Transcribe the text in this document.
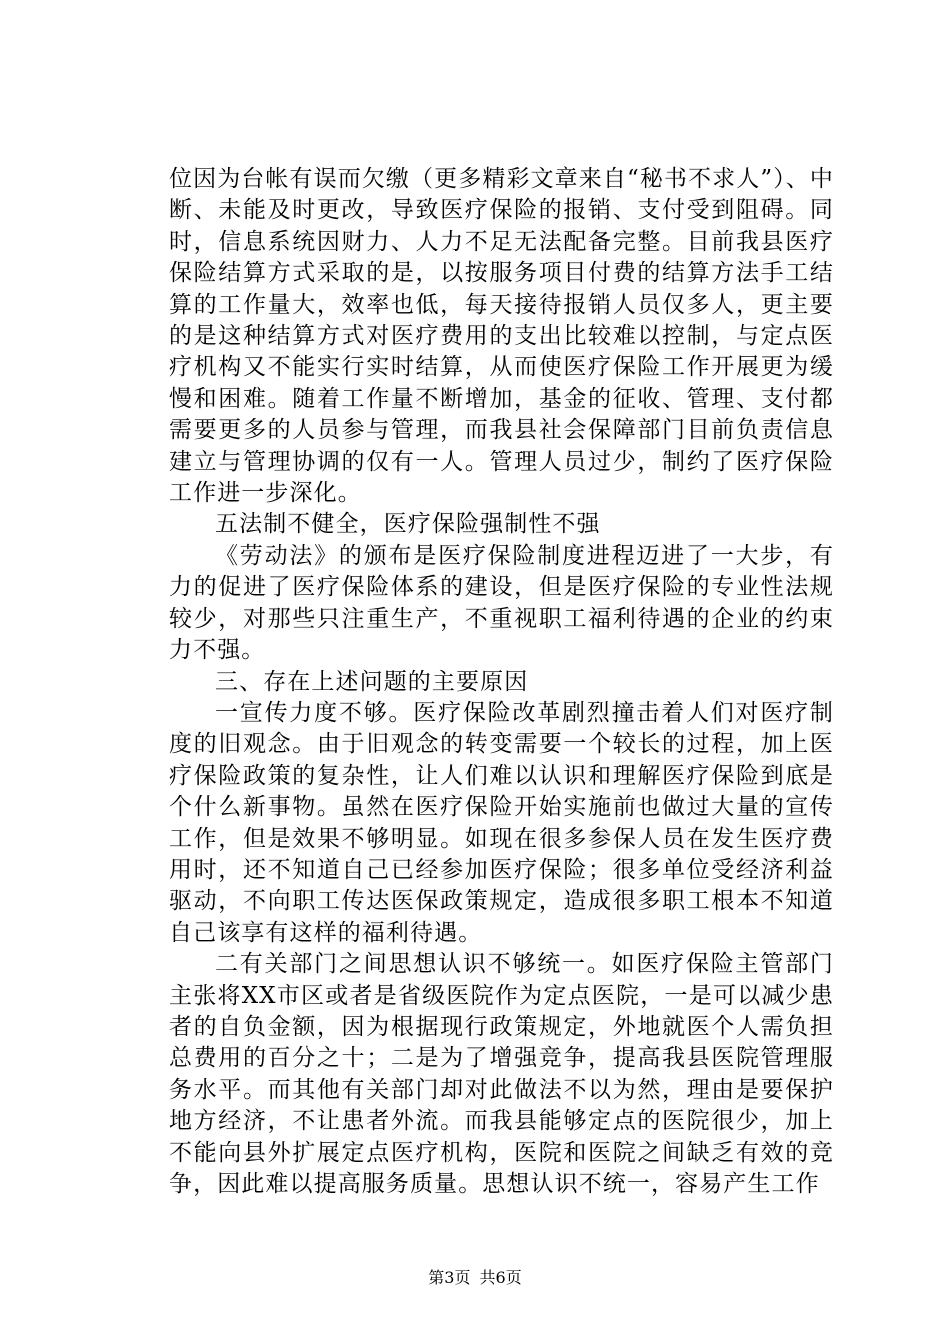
位因为台帐有误而欠缴（更多精彩文章来自“秘书不求人”）、中断、未能及时更改，导致医疗保险的报销、支付受到阻碍。同时，信息系统因财力、人力不足无法配备完整。目前我县医疗保险结算方式采取的是，以按服务项目付费的结算方法手工结算的工作量大，效率也低，每天接待报销人员仅多人，更主要的是这种结算方式对医疗费用的支出比较难以控制，与定点医疗机构又不能实行实时结算，从而使医疗保险工作开展更为缓慢和困难。随着工作量不断增加，基金的征收、管理、支付都需要更多的人员参与管理，而我县社会保障部门目前负责信息建立与管理协调的仅有一人。管理人员过少，制约了医疗保险工作进一步深化。

五法制不健全，医疗保险强制性不强

《劳动法》的颁布是医疗保险制度进程迈进了一大步，有力的促进了医疗保险体系的建设，但是医疗保险的专业性法规较少，对那些只注重生产，不重视职工福利待遇的企业的约束力不强。

三、存在上述问题的主要原因

一宣传力度不够。医疗保险改革剧烈撞击着人们对医疗制度的旧观念。由于旧观念的转变需要一个较长的过程，加上医疗保险政策的复杂性，让人们难以认识和理解医疗保险到底是个什么新事物。虽然在医疗保险开始实施前也做过大量的宣传工作，但是效果不够明显。如现在很多参保人员在发生医疗费用时，还不知道自己已经参加医疗保险；很多单位受经济利益驱动，不向职工传达医保政策规定，造成很多职工根本不知道自己该享有这样的福利待遇。

二有关部门之间思想认识不够统一。如医疗保险主管部门主张将XX市区或者是省级医院作为定点医院，一是可以减少患者的自负金额，因为根据现行政策规定，外地就医个人需负担总费用的百分之十；二是为了增强竞争，提高我县医院管理服务水平。而其他有关部门却对此做法不以为然，理由是要保护地方经济，不让患者外流。而我县能够定点的医院很少，加上不能向县外扩展定点医疗机构，医院和医院之间缺乏有效的竞争，因此难以提高服务质量。思想认识不统一，容易产生工作

第3页 共6页
